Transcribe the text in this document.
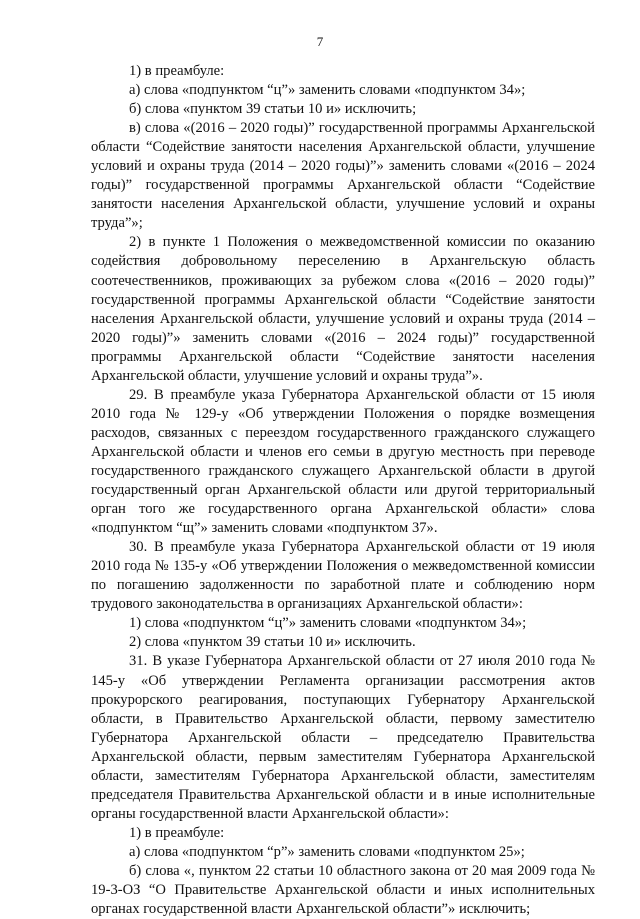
7

1) в преамбуле:

а) слова «подпунктом “ц”» заменить словами «подпунктом 34»;

б) слова «пунктом 39 статьи 10 и» исключить;

в) слова «(2016 – 2020 годы)” государственной программы Архангельской области “Содействие занятости населения Архангельской области, улучшение условий и охраны труда (2014 – 2020 годы)”» заменить словами «(2016 – 2024 годы)” государственной программы Архангельской области “Содействие занятости населения Архангельской области, улучшение условий и охраны труда”»;

2) в пункте 1 Положения о межведомственной комиссии по оказанию содействия добровольному переселению в Архангельскую область соотечественников, проживающих за рубежом слова «(2016 – 2020 годы)” государственной программы Архангельской области “Содействие занятости населения Архангельской области, улучшение условий и охраны труда (2014 – 2020 годы)”» заменить словами «(2016 – 2024 годы)” государственной программы Архангельской области “Содействие занятости населения Архангельской области, улучшение условий и охраны труда”».

29. В преамбуле указа Губернатора Архангельской области от 15 июля 2010 года № 129-у «Об утверждении Положения о порядке возмещения расходов, связанных с переездом государственного гражданского служащего Архангельской области и членов его семьи в другую местность при переводе государственного гражданского служащего Архангельской области в другой государственный орган Архангельской области или другой территориальный орган того же государственного органа Архангельской области» слова «подпунктом “щ”» заменить словами «подпунктом 37».

30. В преамбуле указа Губернатора Архангельской области от 19 июля 2010 года № 135-у «Об утверждении Положения о межведомственной комиссии по погашению задолженности по заработной плате и соблюдению норм трудового законодательства в организациях Архангельской области»:

1) слова «подпунктом “ц”» заменить словами «подпунктом 34»;

2) слова «пунктом 39 статьи 10 и» исключить.

31. В указе Губернатора Архангельской области от 27 июля 2010 года № 145-у «Об утверждении Регламента организации рассмотрения актов прокурорского реагирования, поступающих Губернатору Архангельской области, в Правительство Архангельской области, первому заместителю Губернатора Архангельской области – председателю Правительства Архангельской области, первым заместителям Губернатора Архангельской области, заместителям Губернатора Архангельской области, заместителям председателя Правительства Архангельской области и в иные исполнительные органы государственной власти Архангельской области»:

1) в преамбуле:

а) слова «подпунктом “р”» заменить словами «подпунктом 25»;

б) слова «, пунктом 22 статьи 10 областного закона от 20 мая 2009 года № 19-3-ОЗ “О Правительстве Архангельской области и иных исполнительных органах государственной власти Архангельской области”» исключить;
